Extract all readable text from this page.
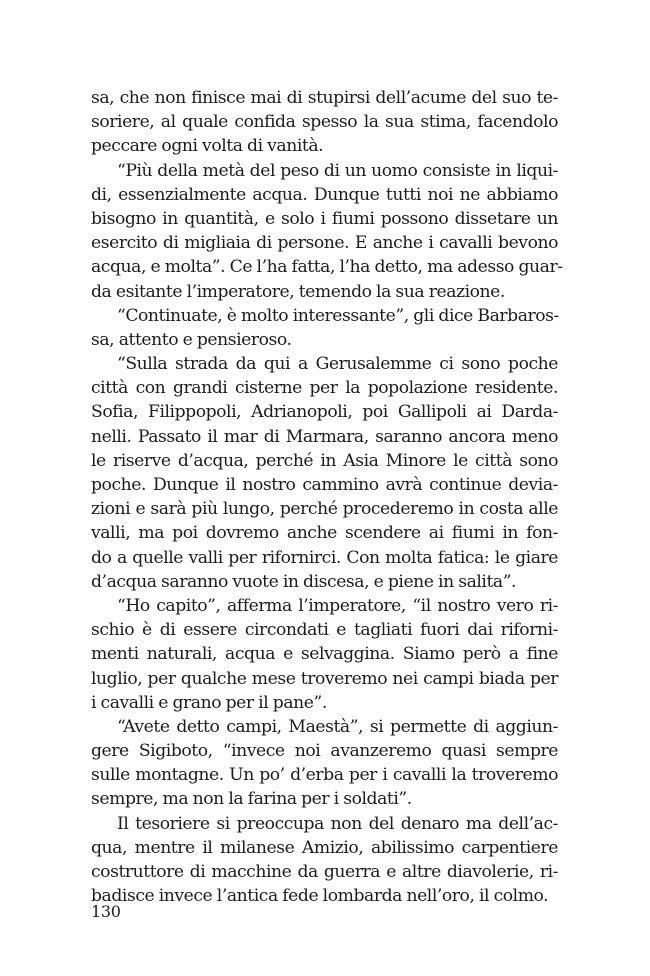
sa, che non finisce mai di stupirsi dell’acume del suo te-
soriere, al quale confida spesso la sua stima, facendolo
peccare ogni volta di vanità.
“Più della metà del peso di un uomo consiste in liqui-
di, essenzialmente acqua. Dunque tutti noi ne abbiamo
bisogno in quantità, e solo i fiumi possono dissetare un
esercito di migliaia di persone. E anche i cavalli bevono
acqua, e molta”. Ce l’ha fatta, l’ha detto, ma adesso guar-
da esitante l’imperatore, temendo la sua reazione.
“Continuate, è molto interessante”, gli dice Barbaros-
sa, attento e pensieroso.
“Sulla strada da qui a Gerusalemme ci sono poche
città con grandi cisterne per la popolazione residente.
Sofia, Filippopoli, Adrianopoli, poi Gallipoli ai Darda-
nelli. Passato il mar di Marmara, saranno ancora meno
le riserve d’acqua, perché in Asia Minore le città sono
poche. Dunque il nostro cammino avrà continue devia-
zioni e sarà più lungo, perché procederemo in costa alle
valli, ma poi dovremo anche scendere ai fiumi in fon-
do a quelle valli per rifornirci. Con molta fatica: le giare
d’acqua saranno vuote in discesa, e piene in salita”.
“Ho capito”, afferma l’imperatore, “il nostro vero ri-
schio è di essere circondati e tagliati fuori dai riforni-
menti naturali, acqua e selvaggina. Siamo però a fine
luglio, per qualche mese troveremo nei campi biada per
i cavalli e grano per il pane”.
“Avete detto campi, Maestà”, si permette di aggiun-
gere Sigiboto, “invece noi avanzeremo quasi sempre
sulle montagne. Un po’ d’erba per i cavalli la troveremo
sempre, ma non la farina per i soldati”.
Il tesoriere si preoccupa non del denaro ma dell’ac-
qua, mentre il milanese Amizio, abilissimo carpentiere
costruttore di macchine da guerra e altre diavolerie, ri-
badisce invece l’antica fede lombarda nell’oro, il colmo.
130
